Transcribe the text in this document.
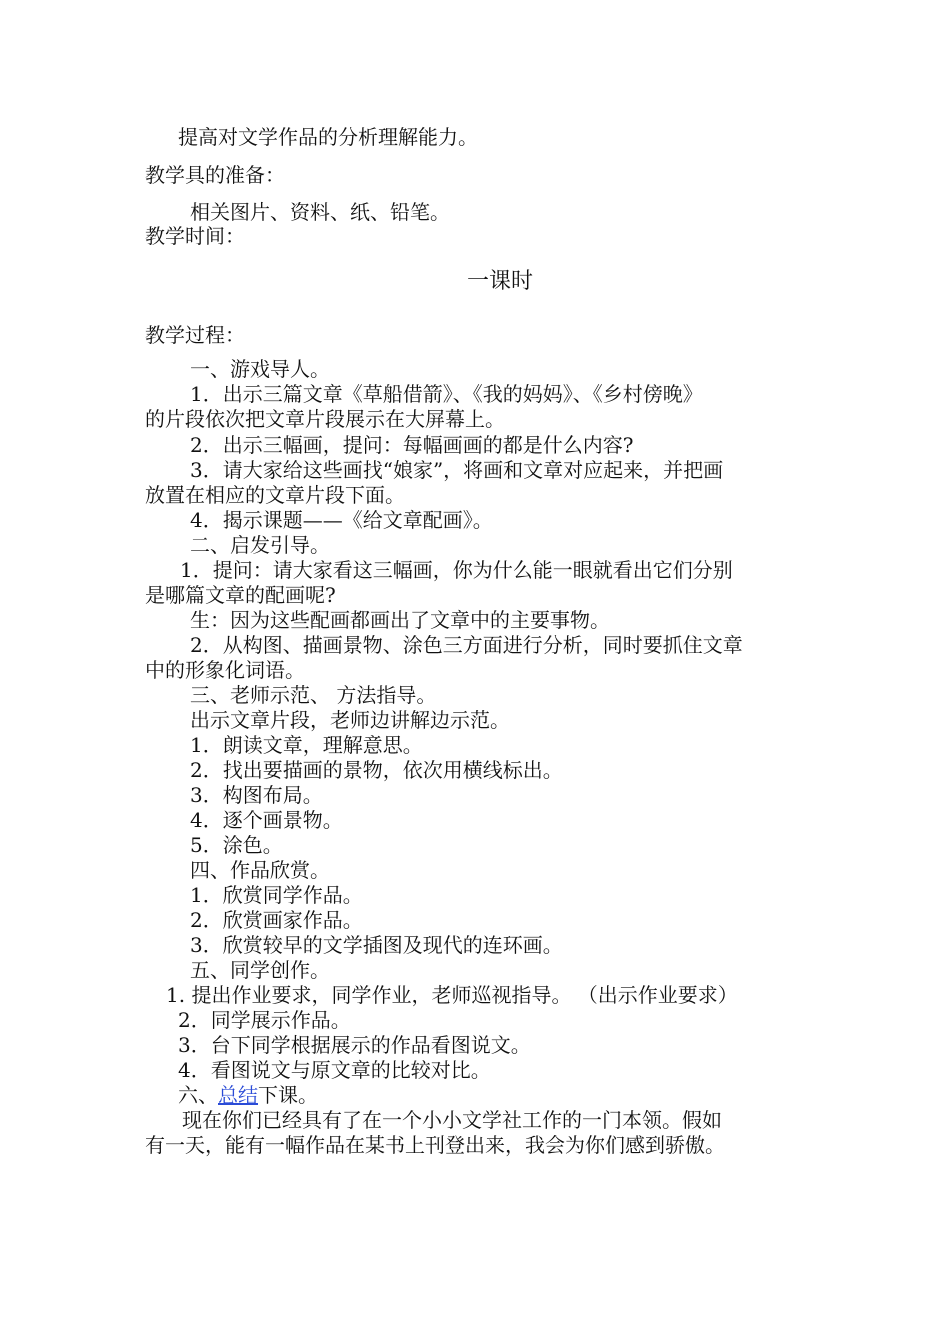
提高对文学作品的分析理解能力。
教学具的准备：
相关图片、资料、纸、铅笔。
教学时间：
一课时
教学过程：
一、游戏导人。
1．出示三篇文章《草船借箭》、《我的妈妈》、《乡村傍晚》
的片段依次把文章片段展示在大屏幕上。
2．出示三幅画，提问：每幅画画的都是什么内容?
3．请大家给这些画找“娘家”，将画和文章对应起来，并把画
放置在相应的文章片段下面。
4．揭示课题——《给文章配画》。
二、启发引导。
1．提问：请大家看这三幅画，你为什么能一眼就看出它们分别
是哪篇文章的配画呢?
生：因为这些配画都画出了文章中的主要事物。
2．从构图、描画景物、涂色三方面进行分析，同时要抓住文章
中的形象化词语。
三、老师示范、 方法指导。
出示文章片段，老师边讲解边示范。
1．朗读文章，理解意思。
2．找出要描画的景物，依次用横线标出。
3．构图布局。
4．逐个画景物。
5．涂色。
四、作品欣赏。
1．欣赏同学作品。
2．欣赏画家作品。
3．欣赏较早的文学插图及现代的连环画。
五、同学创作。
1. 提出作业要求，同学作业，老师巡视指导。 （出示作业要求）
2．同学展示作品。
3．台下同学根据展示的作品看图说文。
4．看图说文与原文章的比较对比。
六、总结下课。
现在你们已经具有了在一个小小文学社工作的一门本领。假如
有一天，能有一幅作品在某书上刊登出来，我会为你们感到骄傲。
